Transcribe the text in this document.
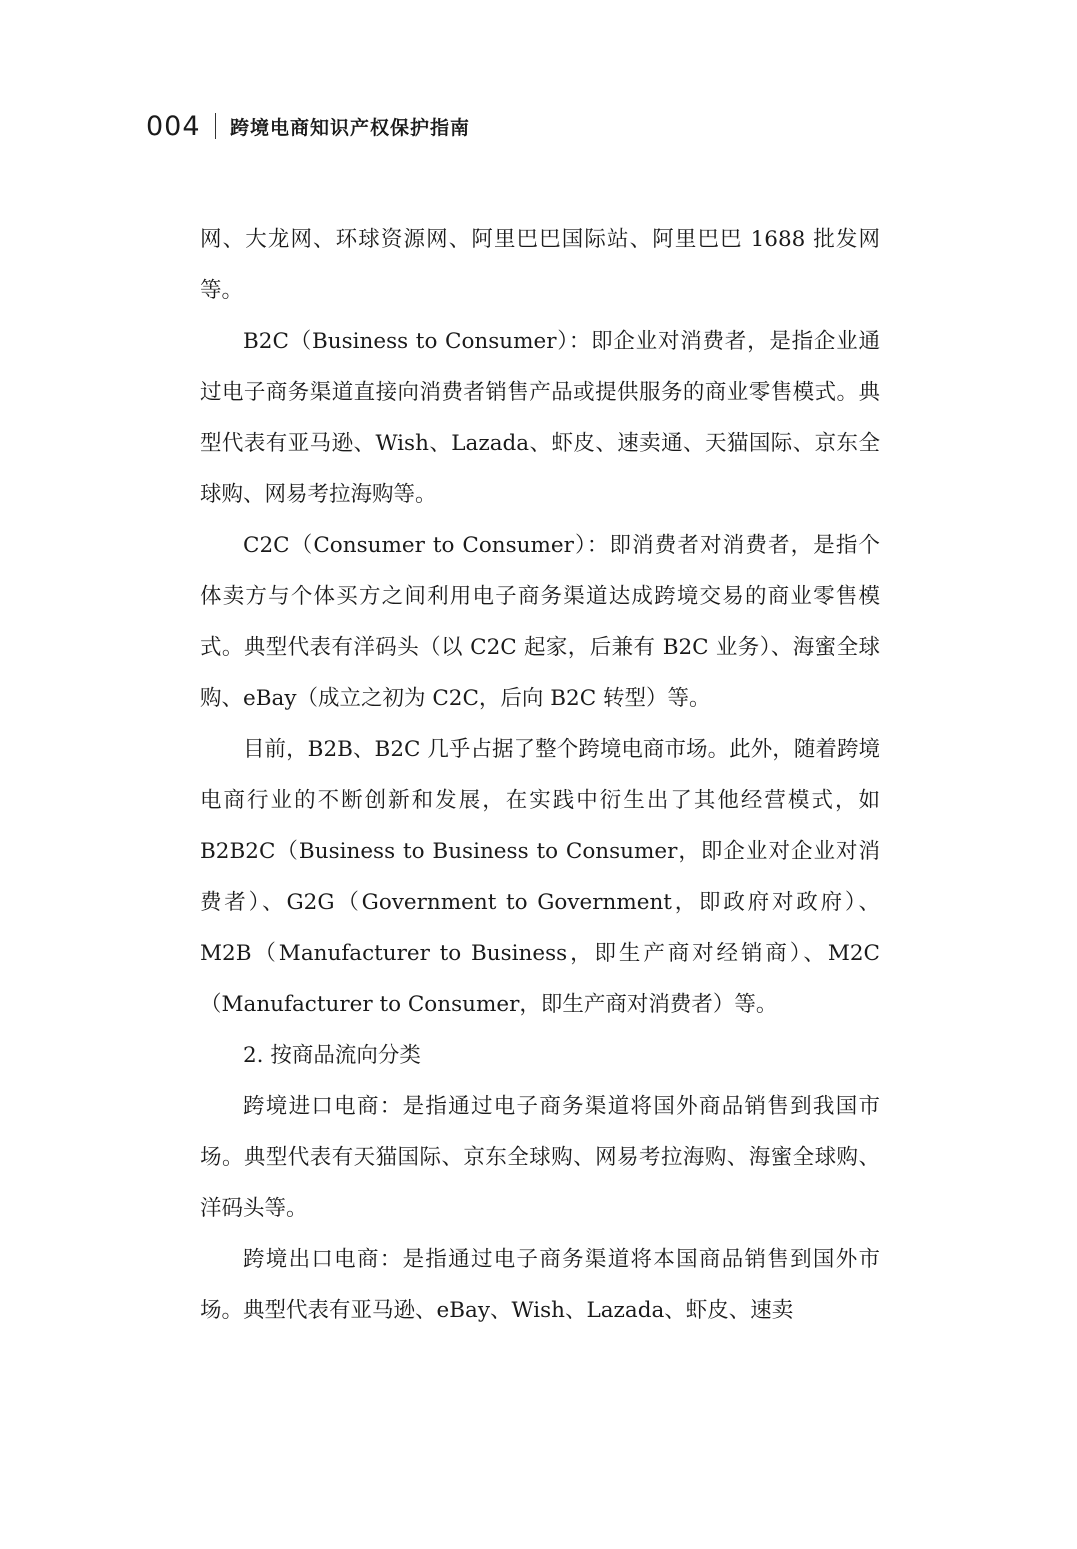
004 跨境电商知识产权保护指南

网、大龙网、环球资源网、阿里巴巴国际站、阿里巴巴 1688 批发网等。

B2C（Business to Consumer）：即企业对消费者，是指企业通过电子商务渠道直接向消费者销售产品或提供服务的商业零售模式。典型代表有亚马逊、Wish、Lazada、虾皮、速卖通、天猫国际、京东全球购、网易考拉海购等。

C2C（Consumer to Consumer）：即消费者对消费者，是指个体卖方与个体买方之间利用电子商务渠道达成跨境交易的商业零售模式。典型代表有洋码头（以 C2C 起家，后兼有 B2C 业务）、海蜜全球购、eBay（成立之初为 C2C，后向 B2C 转型）等。

目前，B2B、B2C 几乎占据了整个跨境电商市场。此外，随着跨境电商行业的不断创新和发展，在实践中衍生出了其他经营模式，如 B2B2C（Business to Business to Consumer，即企业对企业对消费者）、G2G（Government to Government，即政府对政府）、M2B（Manufacturer to Business，即生产商对经销商）、M2C（Manufacturer to Consumer，即生产商对消费者）等。

2. 按商品流向分类

跨境进口电商：是指通过电子商务渠道将国外商品销售到我国市场。典型代表有天猫国际、京东全球购、网易考拉海购、海蜜全球购、洋码头等。

跨境出口电商：是指通过电子商务渠道将本国商品销售到国外市场。典型代表有亚马逊、eBay、Wish、Lazada、虾皮、速卖
